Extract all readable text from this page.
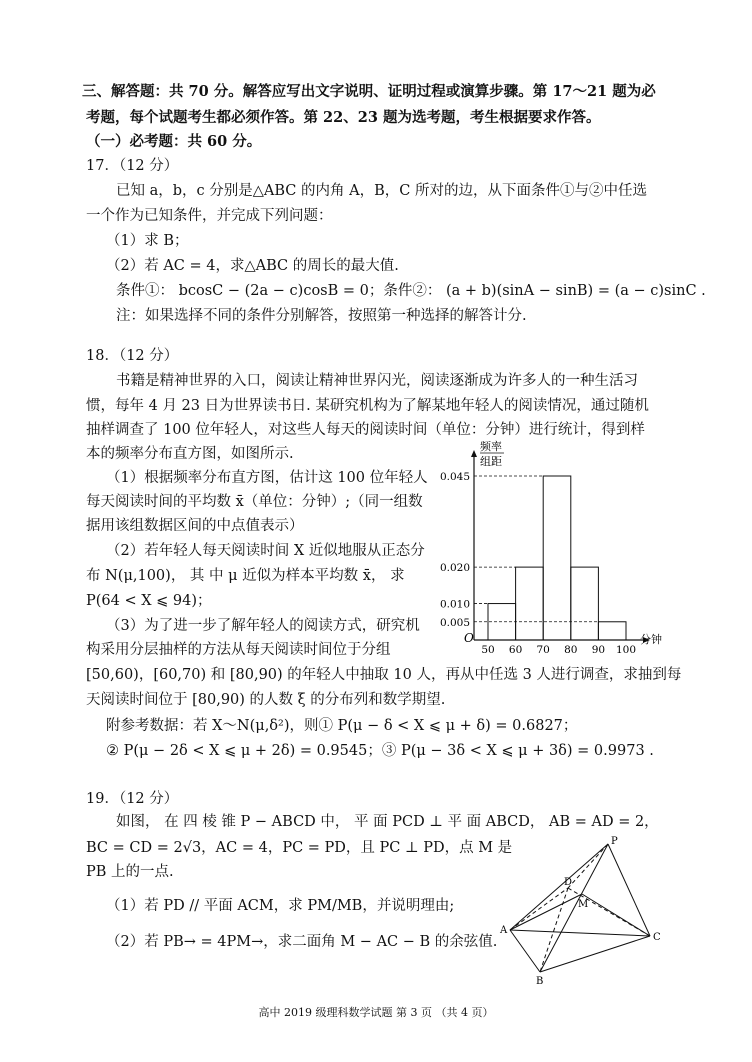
三、解答题：共 70 分。解答应写出文字说明、证明过程或演算步骤。第 17～21 题为必
考题，每个试题考生都必须作答。第 22、23 题为选考题，考生根据要求作答。
（一）必考题：共 60 分。
17．（12 分）
已知 a，b，c 分别是△ABC 的内角 A，B，C 所对的边，从下面条件①与②中任选
一个作为已知条件，并完成下列问题：
（1）求 B；
（2）若 AC = 4，求△ABC 的周长的最大值.
条件①： bcosC − (2a − c)cosB = 0；条件②： (a + b)(sinA − sinB) = (a − c)sinC .
注：如果选择不同的条件分别解答，按照第一种选择的解答计分.
18．（12 分）
书籍是精神世界的入口，阅读让精神世界闪光，阅读逐渐成为许多人的一种生活习
惯，每年 4 月 23 日为世界读书日. 某研究机构为了解某地年轻人的阅读情况，通过随机
抽样调查了 100 位年轻人，对这些人每天的阅读时间（单位：分钟）进行统计，得到样
本的频率分布直方图，如图所示.
（1）根据频率分布直方图，估计这 100 位年轻人
每天阅读时间的平均数 x̄（单位：分钟）;（同一组数
据用该组数据区间的中点值表示）
（2）若年轻人每天阅读时间 X 近似地服从正态分
布 N(μ,100)， 其 中 μ 近似为样本平均数 x̄， 求
P(64 < X ⩽ 94)；
（3）为了进一步了解年轻人的阅读方式，研究机
构采用分层抽样的方法从每天阅读时间位于分组
[50,60)，[60,70) 和 [80,90) 的年轻人中抽取 10 人，再从中任选 3 人进行调查，求抽到每
天阅读时间位于 [80,90) 的人数 ξ 的分布列和数学期望.
附参考数据：若 X～N(μ,δ²)，则① P(μ − δ < X ⩽ μ + δ) = 0.6827；
② P(μ − 2δ < X ⩽ μ + 2δ) = 0.9545；③ P(μ − 3δ < X ⩽ μ + 3δ) = 0.9973 .
0.045
0.020
0.010
0.005
50 60 70 80 90 100
频率
组距
O	分钟
19．（12 分）
如图， 在 四 棱 锥 P − ABCD 中， 平 面 PCD ⊥ 平 面 ABCD， AB = AD = 2，
BC = CD = 2√3，AC = 4，PC = PD，且 PC ⊥ PD，点 M 是
PB 上的一点.
（1）若 PD // 平面 ACM，求 PM/MB，并说明理由;
（2）若 PB→ = 4PM→，求二面角 M − AC − B 的余弦值.
P
D
M
A
C
B
高中 2019 级理科数学试题 第 3 页 （共 4 页）
